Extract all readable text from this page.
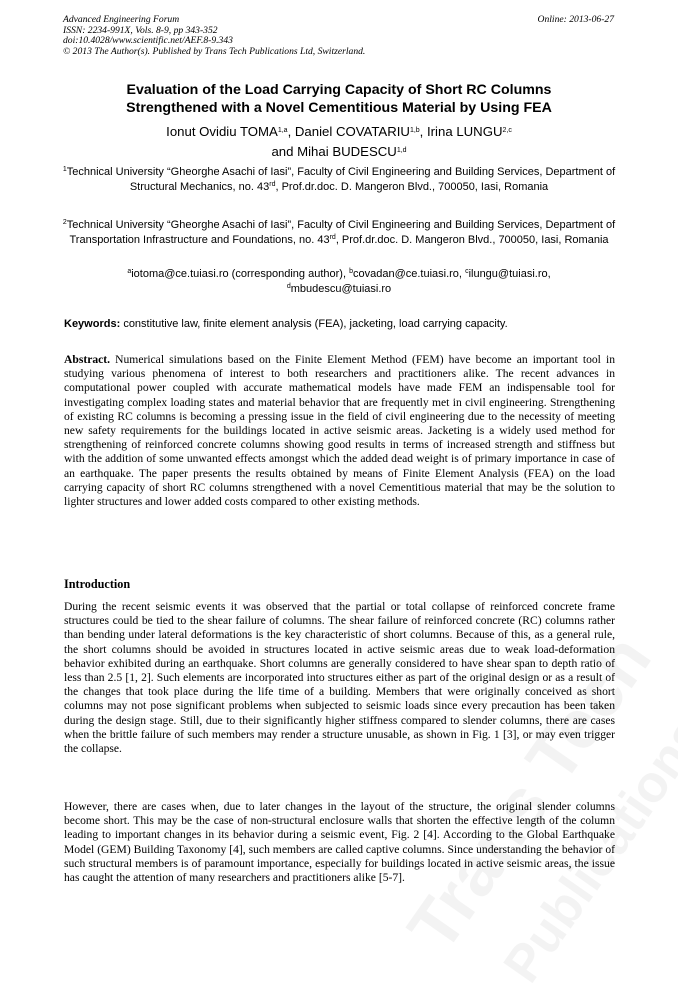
Advanced Engineering Forum
ISSN: 2234-991X, Vols. 8-9, pp 343-352
doi:10.4028/www.scientific.net/AEF.8-9.343
© 2013 The Author(s). Published by Trans Tech Publications Ltd, Switzerland.
Online: 2013-06-27
Evaluation of the Load Carrying Capacity of Short RC Columns
Strengthened with a Novel Cementitious Material by Using FEA
Ionut Ovidiu TOMA$^{1,a}$, Daniel COVATARIU$^{1,b}$, Irina LUNGU$^{2,c}$
and Mihai BUDESCU$^{1,d}$
$^1$Technical University “Gheorghe Asachi of Iasi”, Faculty of Civil Engineering and Building Services, Department of Structural Mechanics, no. 43rd, Prof.dr.doc. D. Mangeron Blvd., 700050, Iasi, Romania
$^2$Technical University “Gheorghe Asachi of Iasi”, Faculty of Civil Engineering and Building Services, Department of Transportation Infrastructure and Foundations, no. 43rd, Prof.dr.doc. D. Mangeron Blvd., 700050, Iasi, Romania
$^a$iotoma@ce.tuiasi.ro (corresponding author), $^b$covadan@ce.tuiasi.ro, $^c$ilungu@tuiasi.ro,
$^d$mbudescu@tuiasi.ro
Keywords: constitutive law, finite element analysis (FEA), jacketing, load carrying capacity.
Abstract. Numerical simulations based on the Finite Element Method (FEM) have become an important tool in studying various phenomena of interest to both researchers and practitioners alike. The recent advances in computational power coupled with accurate mathematical models have made FEM an indispensable tool for investigating complex loading states and material behavior that are frequently met in civil engineering. Strengthening of existing RC columns is becoming a pressing issue in the field of civil engineering due to the necessity of meeting new safety requirements for the buildings located in active seismic areas. Jacketing is a widely used method for strengthening of reinforced concrete columns showing good results in terms of increased strength and stiffness but with the addition of some unwanted effects amongst which the added dead weight is of primary importance in case of an earthquake. The paper presents the results obtained by means of Finite Element Analysis (FEA) on the load carrying capacity of short RC columns strengthened with a novel Cementitious material that may be the solution to lighter structures and lower added costs compared to other existing methods.
Introduction
During the recent seismic events it was observed that the partial or total collapse of reinforced concrete frame structures could be tied to the shear failure of columns. The shear failure of reinforced concrete (RC) columns rather than bending under lateral deformations is the key characteristic of short columns. Because of this, as a general rule, the short columns should be avoided in structures located in active seismic areas due to weak load-deformation behavior exhibited during an earthquake. Short columns are generally considered to have shear span to depth ratio of less than 2.5 [1, 2]. Such elements are incorporated into structures either as part of the original design or as a result of the changes that took place during the life time of a building. Members that were originally conceived as short columns may not pose significant problems when subjected to seismic loads since every precaution has been taken during the design stage. Still, due to their significantly higher stiffness compared to slender columns, there are cases when the brittle failure of such members may render a structure unusable, as shown in Fig. 1 [3], or may even trigger the collapse.
However, there are cases when, due to later changes in the layout of the structure, the original slender columns become short. This may be the case of non-structural enclosure walls that shorten the effective length of the column leading to important changes in its behavior during a seismic event, Fig. 2 [4]. According to the Global Earthquake Model (GEM) Building Taxonomy [4], such members are called captive columns. Since understanding the behavior of such structural members is of paramount importance, especially for buildings located in active seismic areas, the issue has caught the attention of many researchers and practitioners alike [5-7].
